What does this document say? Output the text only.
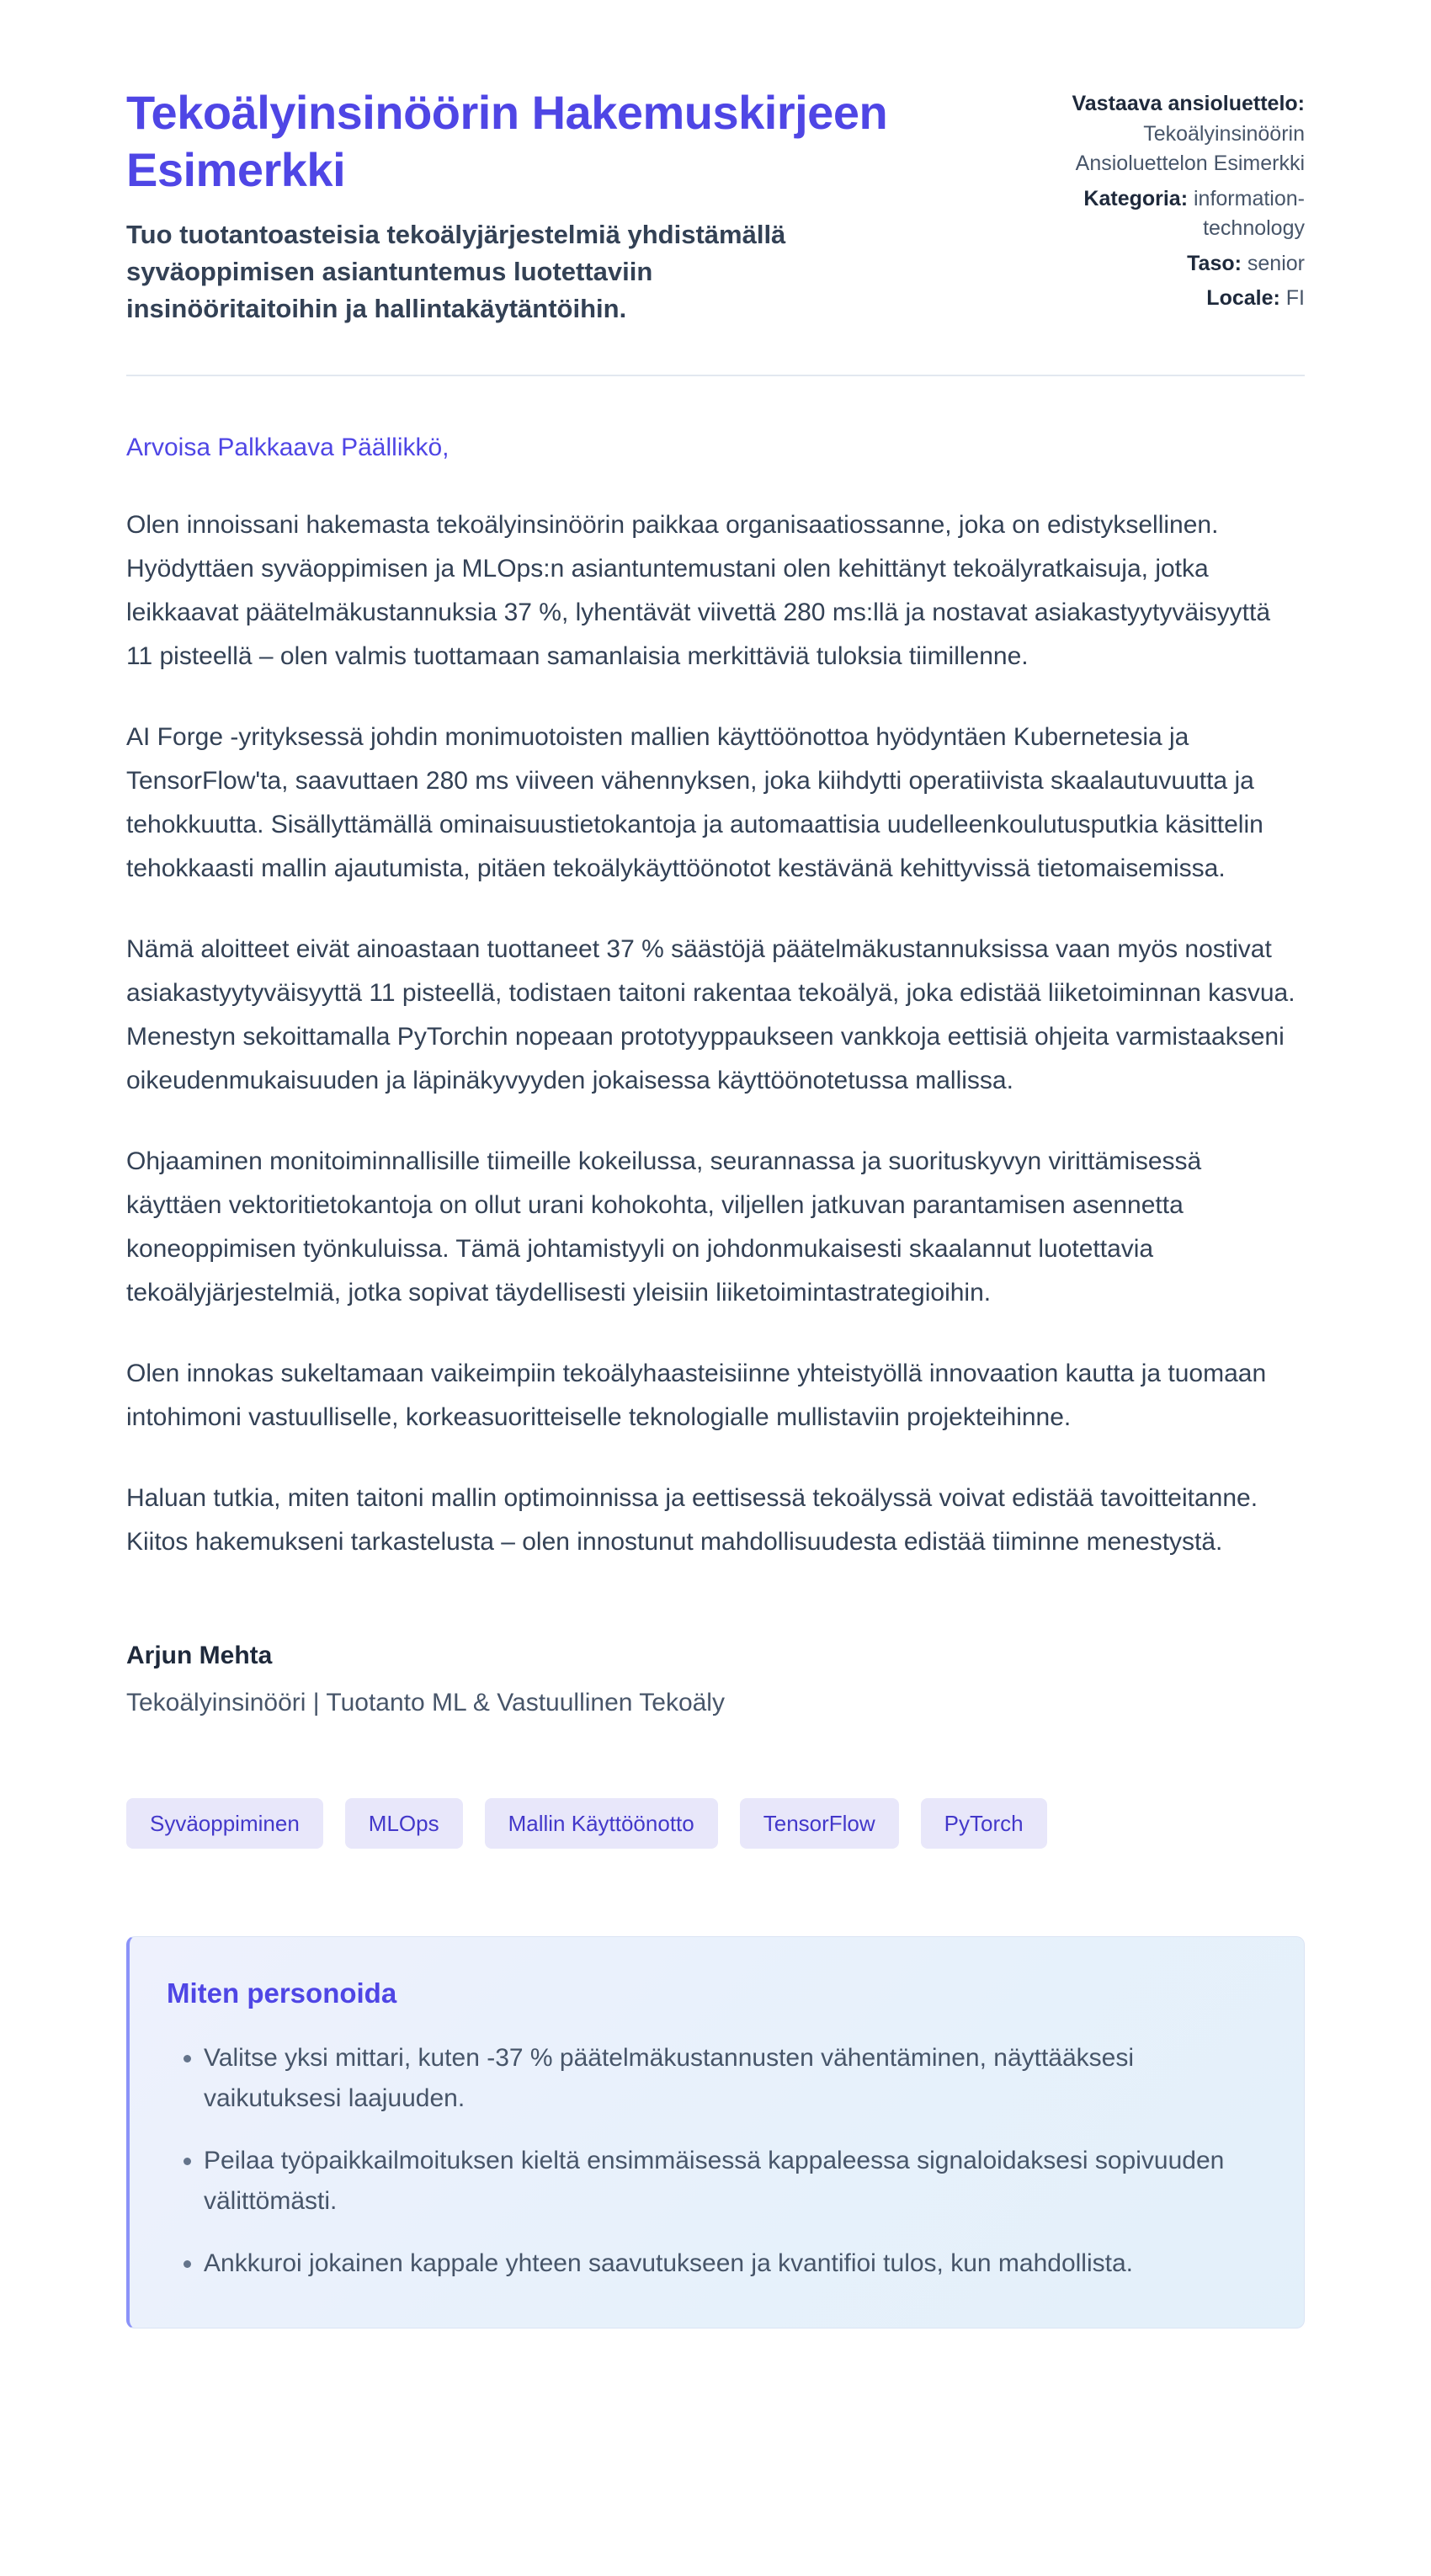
Tekoälyinsinöörin Hakemuskirjeen Esimerkki

Tuo tuotantoasteisia tekoälyjärjestelmiä yhdistämällä syväoppimisen asiantuntemus luotettaviin insinööritaitoihin ja hallintakäytäntöihin.

Vastaava ansioluettelo:
Tekoälyinsinöörin Ansioluettelon Esimerkki
Kategoria: information-technology
Taso: senior
Locale: FI

Arvoisa Palkkaava Päällikkö,

Olen innoissani hakemasta tekoälyinsinöörin paikkaa organisaatiossanne, joka on edistyksellinen. Hyödyttäen syväoppimisen ja MLOps:n asiantuntemustani olen kehittänyt tekoälyratkaisuja, jotka leikkaavat päätelmäkustannuksia 37 %, lyhentävät viivettä 280 ms:llä ja nostavat asiakastyytyväisyyttä 11 pisteellä – olen valmis tuottamaan samanlaisia merkittäviä tuloksia tiimillenne.

AI Forge -yrityksessä johdin monimuotoisten mallien käyttöönottoa hyödyntäen Kubernetesia ja TensorFlow'ta, saavuttaen 280 ms viiveen vähennyksen, joka kiihdytti operatiivista skaalautuvuutta ja tehokkuutta. Sisällyttämällä ominaisuustietokantoja ja automaattisia uudelleenkoulutusputkia käsittelin tehokkaasti mallin ajautumista, pitäen tekoälykäyttöönotot kestävänä kehittyvissä tietomaisemissa.

Nämä aloitteet eivät ainoastaan tuottaneet 37 % säästöjä päätelmäkustannuksissa vaan myös nostivat asiakastyytyväisyyttä 11 pisteellä, todistaen taitoni rakentaa tekoälyä, joka edistää liiketoiminnan kasvua. Menestyn sekoittamalla PyTorchin nopeaan prototyyppaukseen vankkoja eettisiä ohjeita varmistaakseni oikeudenmukaisuuden ja läpinäkyvyyden jokaisessa käyttöönotetussa mallissa.

Ohjaaminen monitoiminnallisille tiimeille kokeilussa, seurannassa ja suorituskyvyn virittämisessä käyttäen vektoritietokantoja on ollut urani kohokohta, viljellen jatkuvan parantamisen asennetta koneoppimisen työnkuluissa. Tämä johtamistyyli on johdonmukaisesti skaalannut luotettavia tekoälyjärjestelmiä, jotka sopivat täydellisesti yleisiin liiketoimintastrategioihin.

Olen innokas sukeltamaan vaikeimpiin tekoälyhaasteisiinne yhteistyöllä innovaation kautta ja tuomaan intohimoni vastuulliselle, korkeasuoritteiselle teknologialle mullistaviin projekteihinne.

Haluan tutkia, miten taitoni mallin optimoinnissa ja eettisessä tekoälyssä voivat edistää tavoitteitanne. Kiitos hakemukseni tarkastelusta – olen innostunut mahdollisuudesta edistää tiiminne menestystä.

Arjun Mehta

Tekoälyinsinööri | Tuotanto ML & Vastuullinen Tekoäly

Syväoppiminen	MLOps	Mallin Käyttöönotto	TensorFlow	PyTorch
Miten personoida
• Valitse yksi mittari, kuten -37 % päätelmäkustannusten vähentäminen, näyttääksesi vaikutuksesi laajuuden.
• Peilaa työpaikkailmoituksen kieltä ensimmäisessä kappaleessa signaloidaksesi sopivuuden välittömästi.
• Ankkuroi jokainen kappale yhteen saavutukseen ja kvantifioi tulos, kun mahdollista.
